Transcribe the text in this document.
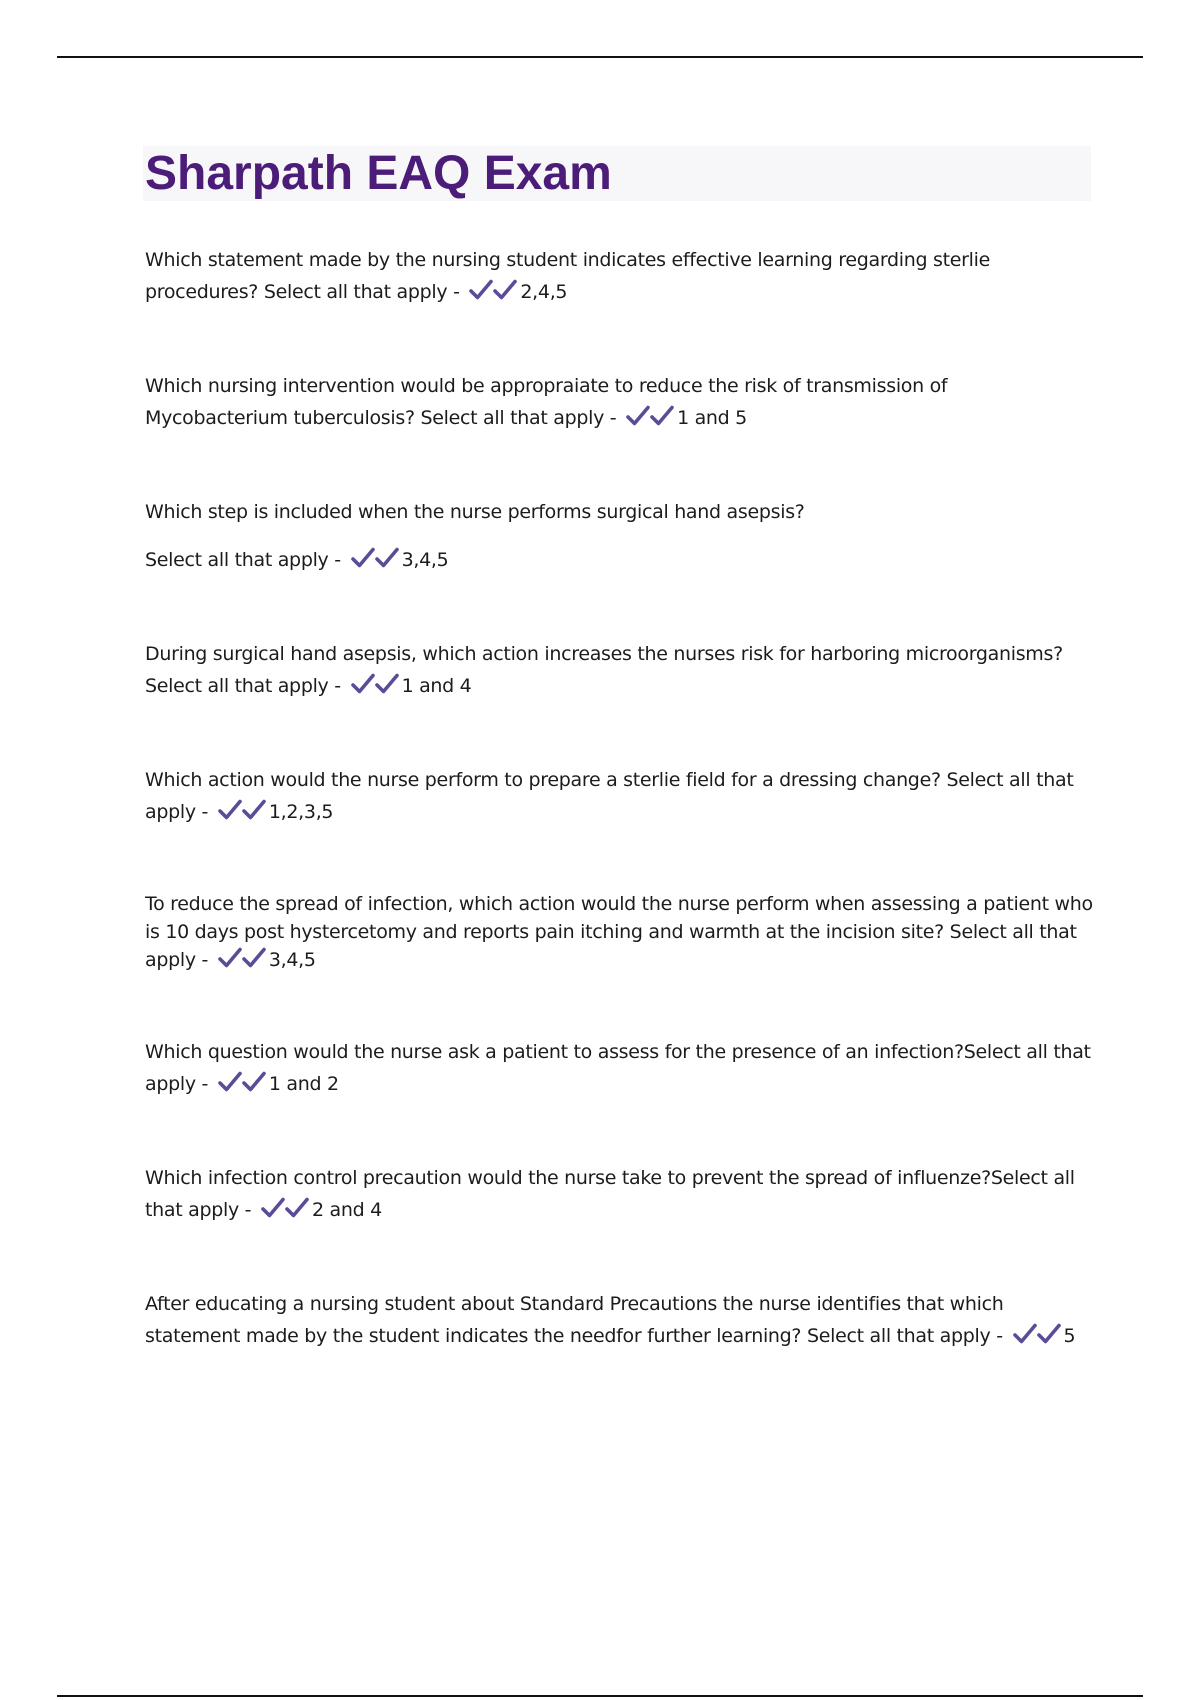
Sharpath EAQ Exam
Which statement made by the nursing student indicates effective learning regarding sterlie procedures? Select all that apply -	2,4,5
Which nursing intervention would be appropraiate to reduce the risk of transmission of Mycobacterium tuberculosis? Select all that apply -	1 and 5
Which step is included when the nurse performs surgical hand asepsis?
Select all that apply -	3,4,5
During surgical hand asepsis, which action increases the nurses risk for harboring microorganisms? Select all that apply -	1 and 4
Which action would the nurse perform to prepare a sterlie field for a dressing change? Select all that apply -	1,2,3,5
To reduce the spread of infection, which action would the nurse perform when assessing a patient who is 10 days post hystercetomy and reports pain itching and warmth at the incision site? Select all that apply -	3,4,5
Which question would the nurse ask a patient to assess for the presence of an infection?Select all that apply -	1 and 2
Which infection control precaution would the nurse take to prevent the spread of influenze?Select all that apply -	2 and 4
After educating a nursing student about Standard Precautions the nurse identifies that which statement made by the student indicates the needfor further learning? Select all that apply -	5
